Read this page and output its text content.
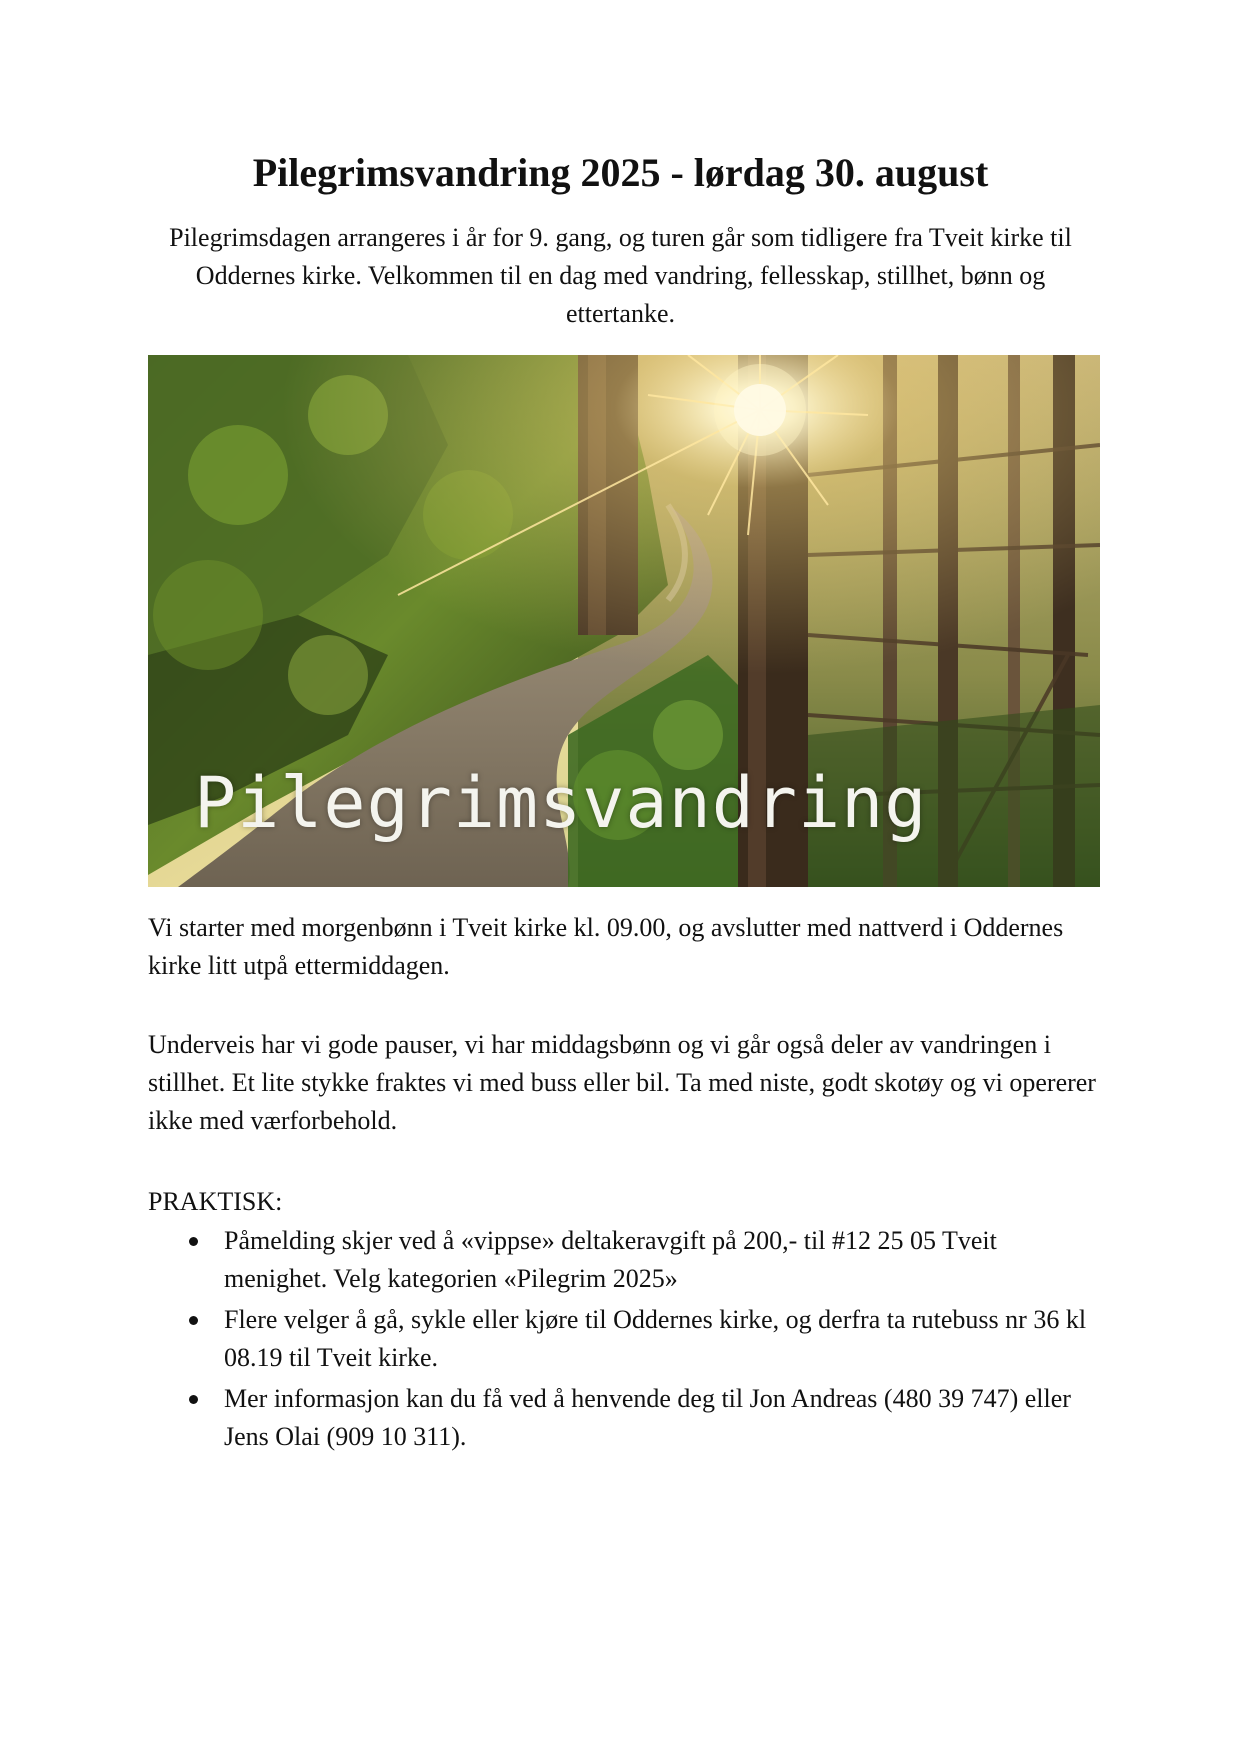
Pilegrimsvandring 2025 - lørdag 30. august

Pilegrimsdagen arrangeres i år for 9. gang, og turen går som tidligere fra Tveit kirke til Oddernes kirke. Velkommen til en dag med vandring, fellesskap, stillhet, bønn og ettertanke.

Pilegrimsvandring

Vi starter med morgenbønn i Tveit kirke kl. 09.00, og avslutter med nattverd i Oddernes kirke litt utpå ettermiddagen.

Underveis har vi gode pauser, vi har middagsbønn og vi går også deler av vandringen i stillhet. Et lite stykke fraktes vi med buss eller bil. Ta med niste, godt skotøy og vi opererer ikke med værforbehold.

PRAKTISK:

Påmelding skjer ved å «vippse» deltakeravgift på 200,- til #12 25 05 Tveit menighet. Velg kategorien «Pilegrim 2025»
Flere velger å gå, sykle eller kjøre til Oddernes kirke, og derfra ta rutebuss nr 36 kl 08.19 til Tveit kirke.
Mer informasjon kan du få ved å henvende deg til Jon Andreas (480 39 747) eller Jens Olai (909 10 311).
